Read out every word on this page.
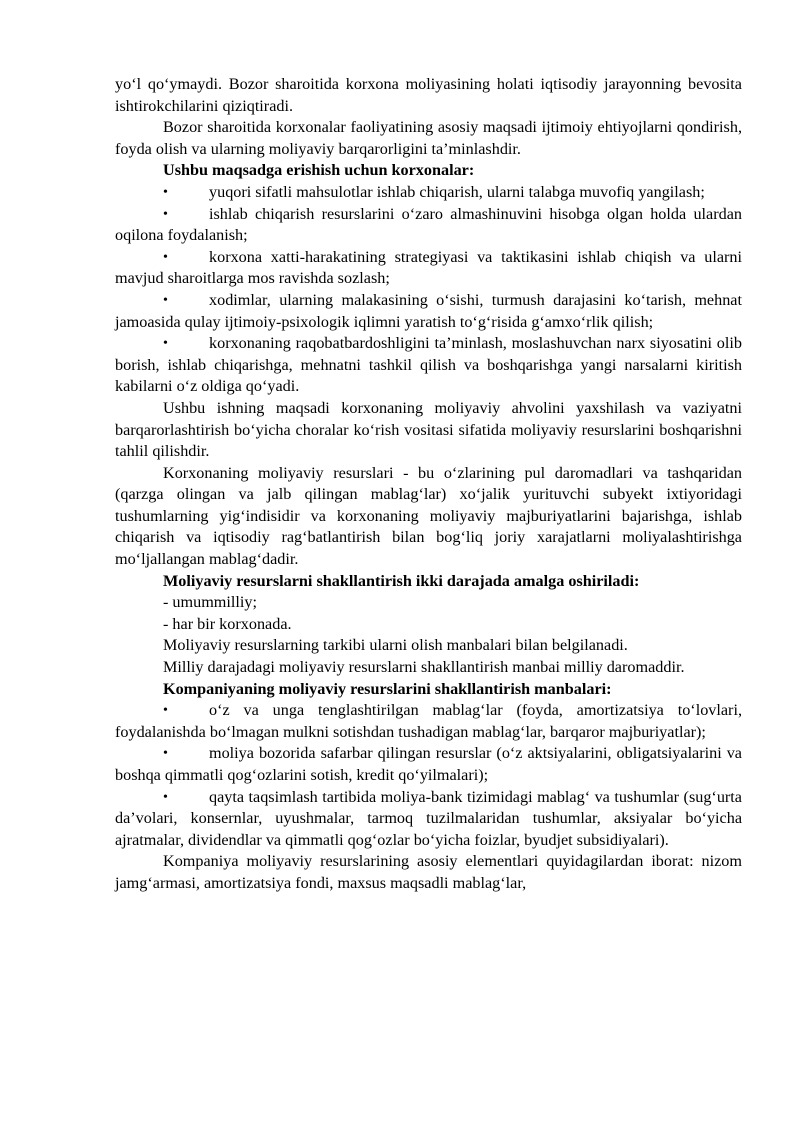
yo‘l qo‘ymaydi. Bozor sharoitida korxona moliyasining holati iqtisodiy jarayonning bevosita ishtirokchilarini qiziqtiradi.

Bozor sharoitida korxonalar faoliyatining asosiy maqsadi ijtimoiy ehtiyojlarni qondirish, foyda olish va ularning moliyaviy barqarorligini ta’minlashdir.

Ushbu maqsadga erishish uchun korxonalar:

•	yuqori sifatli mahsulotlar ishlab chiqarish, ularni talabga muvofiq yangilash;

•	ishlab chiqarish resurslarini o‘zaro almashinuvini hisobga olgan holda ulardan oqilona foydalanish;

•	korxona xatti-harakatining strategiyasi va taktikasini ishlab chiqish va ularni mavjud sharoitlarga mos ravishda sozlash;

•	xodimlar, ularning malakasining o‘sishi, turmush darajasini ko‘tarish, mehnat jamoasida qulay ijtimoiy-psixologik iqlimni yaratish to‘g‘risida g‘amxo‘rlik qilish;

•	korxonaning raqobatbardoshligini ta’minlash, moslashuvchan narx siyosatini olib borish, ishlab chiqarishga, mehnatni tashkil qilish va boshqarishga yangi narsalarni kiritish kabilarni o‘z oldiga qo‘yadi.

Ushbu ishning maqsadi korxonaning moliyaviy ahvolini yaxshilash va vaziyatni barqarorlashtirish bo‘yicha choralar ko‘rish vositasi sifatida moliyaviy resurslarini boshqarishni tahlil qilishdir.

Korxonaning moliyaviy resurslari - bu o‘zlarining pul daromadlari va tashqaridan (qarzga olingan va jalb qilingan mablag‘lar) xo‘jalik yurituvchi subyekt ixtiyoridagi tushumlarning yig‘indisidir va korxonaning moliyaviy majburiyatlarini bajarishga, ishlab chiqarish va iqtisodiy rag‘batlantirish bilan bog‘liq joriy xarajatlarni moliyalashtirishga mo‘ljallangan mablag‘dadir.

Moliyaviy resurslarni shakllantirish ikki darajada amalga oshiriladi:

- umummilliy;

- har bir korxonada.

Moliyaviy resurslarning tarkibi ularni olish manbalari bilan belgilanadi.

Milliy darajadagi moliyaviy resurslarni shakllantirish manbai milliy daromaddir.

Kompaniyaning moliyaviy resurslarini shakllantirish manbalari:

•	o‘z va unga tenglashtirilgan mablag‘lar (foyda, amortizatsiya to‘lovlari, foydalanishda bo‘lmagan mulkni sotishdan tushadigan mablag‘lar, barqaror majburiyatlar);

•	moliya bozorida safarbar qilingan resurslar (o‘z aktsiyalarini, obligatsiyalarini va boshqa qimmatli qog‘ozlarini sotish, kredit qo‘yilmalari);

•	qayta taqsimlash tartibida moliya-bank tizimidagi mablag‘ va tushumlar (sug‘urta da’volari, konsernlar, uyushmalar, tarmoq tuzilmalaridan tushumlar, aksiyalar bo‘yicha ajratmalar, dividendlar va qimmatli qog‘ozlar bo‘yicha foizlar, byudjet subsidiyalari).

Kompaniya moliyaviy resurslarining asosiy elementlari quyidagilardan iborat: nizom jamg‘armasi, amortizatsiya fondi, maxsus maqsadli mablag‘lar,
